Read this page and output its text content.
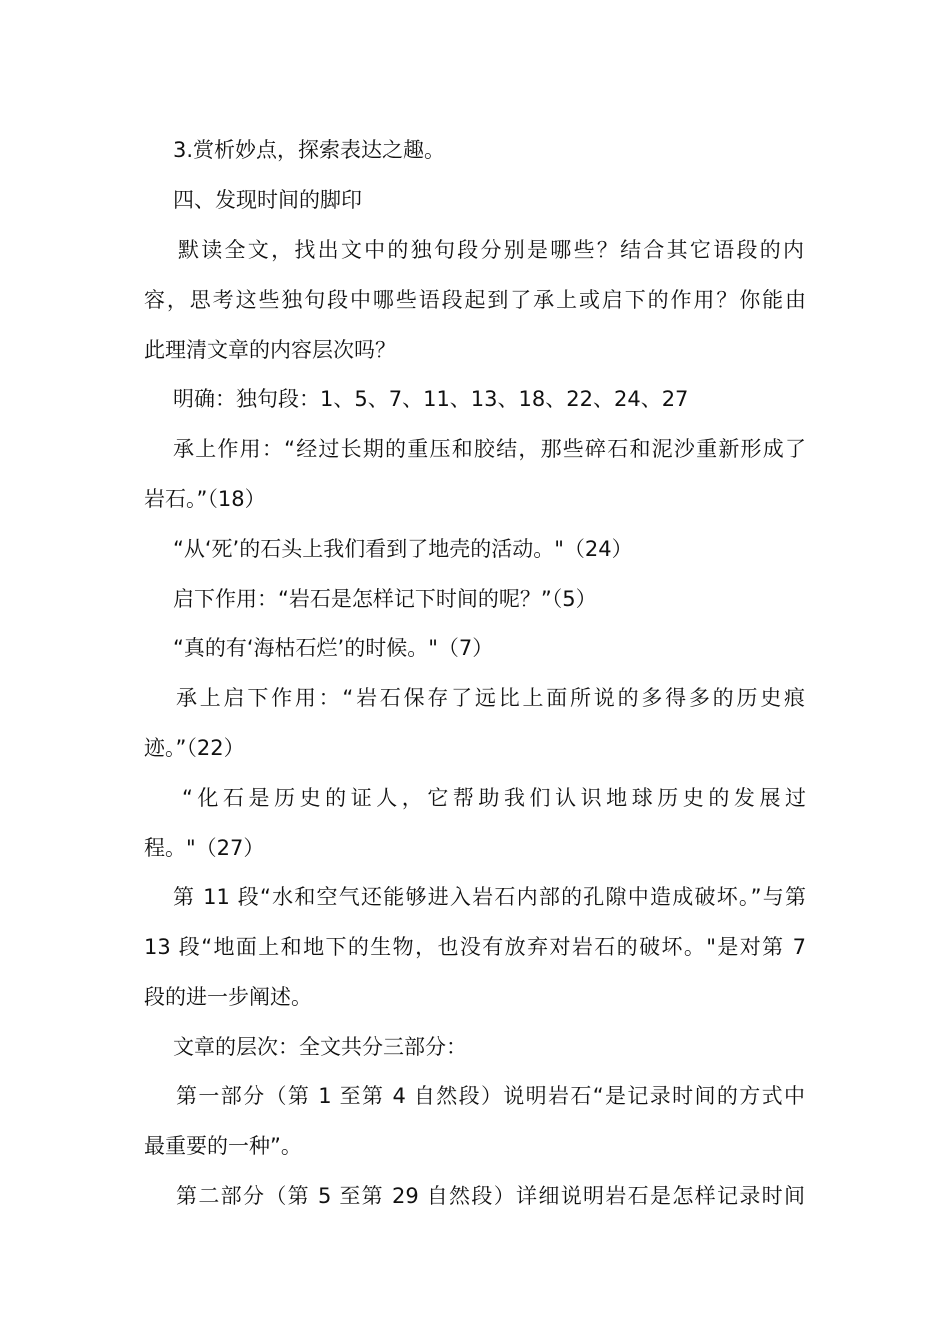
3.赏析妙点，探索表达之趣。
四、发现时间的脚印
默读全文，找出文中的独句段分别是哪些？结合其它语段的内
容，思考这些独句段中哪些语段起到了承上或启下的作用？你能由
此理清文章的内容层次吗？
明确：独句段：1、5、7、11、13、18、22、24、27
承上作用：“经过长期的重压和胶结，那些碎石和泥沙重新形成了
岩石。”（18）
“从‘死’的石头上我们看到了地壳的活动。"（24）
启下作用：“岩石是怎样记下时间的呢？”（5）
“真的有‘海枯石烂’的时候。"（7）
承上启下作用：“岩石保存了远比上面所说的多得多的历史痕
迹。”（22）
“化石是历史的证人，它帮助我们认识地球历史的发展过
程。"（27）
第 11 段“水和空气还能够进入岩石内部的孔隙中造成破坏。”与第
13 段“地面上和地下的生物，也没有放弃对岩石的破坏。"是对第 7
段的进一步阐述。
文章的层次：全文共分三部分：
第一部分（第 1 至第 4 自然段）说明岩石“是记录时间的方式中
最重要的一种”。
第二部分（第 5 至第 29 自然段）详细说明岩石是怎样记录时间
